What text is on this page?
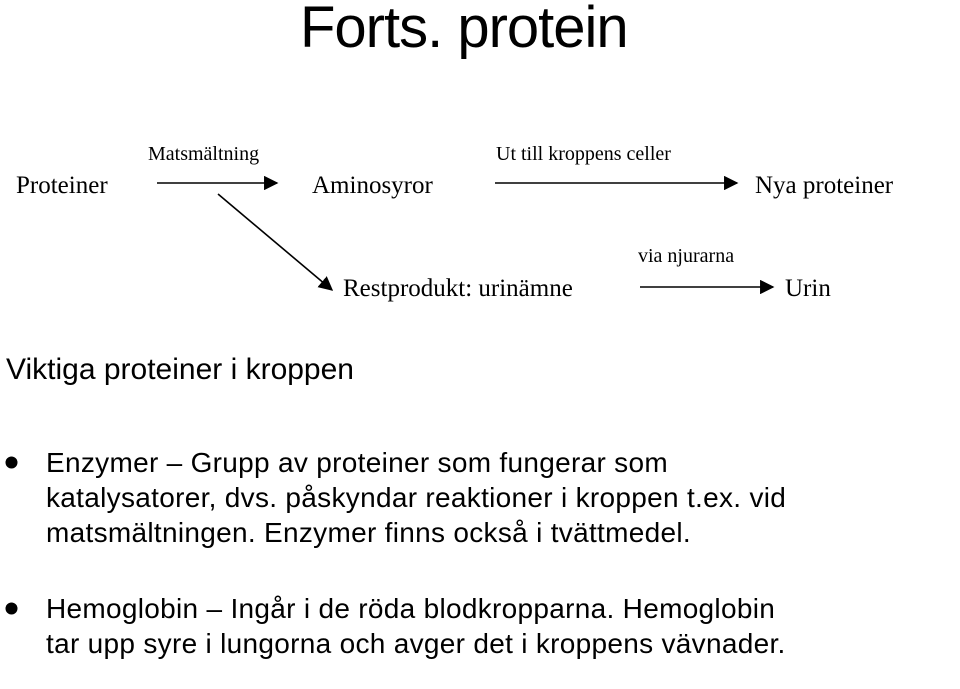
Forts. protein
Proteiner
Matsmältning
Aminosyror
Ut till kroppens celler
Nya proteiner
Restprodukt: urinämne
via njurarna
Urin
Viktiga proteiner i kroppen
Enzymer – Grupp av proteiner som fungerar som
katalysatorer, dvs. påskyndar reaktioner i kroppen t.ex. vid
matsmältningen. Enzymer finns också i tvättmedel.
Hemoglobin – Ingår i de röda blodkropparna. Hemoglobin
tar upp syre i lungorna och avger det i kroppens vävnader.
